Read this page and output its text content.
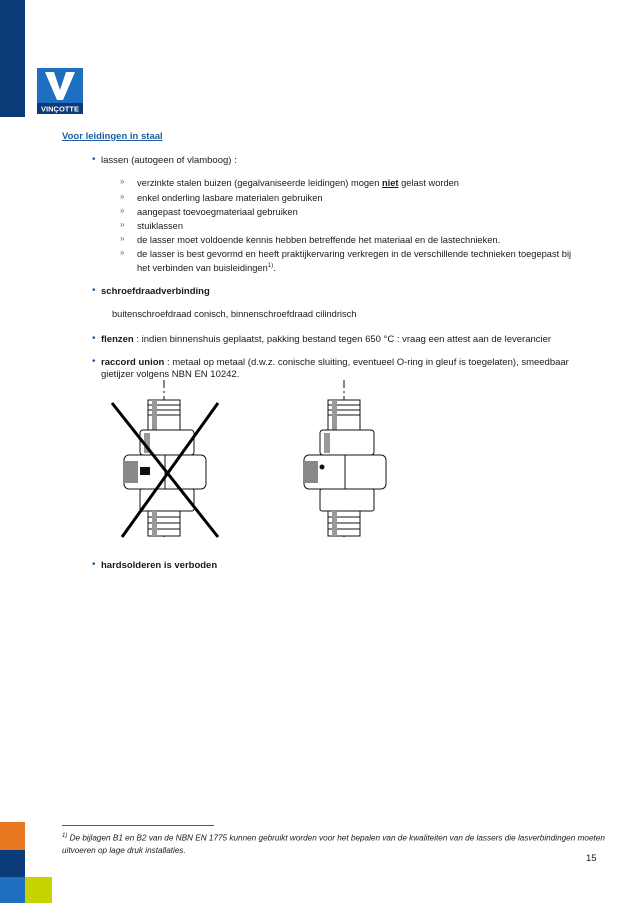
VINÇOTTE
Voor leidingen in staal
• lassen (autogeen of vlamboog) :
» verzinkte stalen buizen (gegalvaniseerde leidingen) mogen niet gelast worden
» enkel onderling lasbare materialen gebruiken
» aangepast toevoegmateriaal gebruiken
» stuiklassen
» de lasser moet voldoende kennis hebben betreffende het materiaal en de lastechnieken.
» de lasser is best gevormd en heeft praktijkervaring verkregen in de verschillende technieken toegepast bij
het verbinden van buisleidingen$^{1)}$.
• schroefdraadverbinding
buitenschroefdraad conisch, binnenschroefdraad cilindrisch
• flenzen : indien binnenshuis geplaatst, pakking bestand tegen 650 °C : vraag een attest aan de leverancier
• raccord union : metaal op metaal (d.w.z. conische sluiting, eventueel O-ring in gleuf is toegelaten), smeedbaar
gietijzer volgens NBN EN 10242.
• hardsolderen is verboden
$^{1)}$ De bijlagen B1 en B2 van de NBN EN 1775 kunnen gebruikt worden voor het bepalen van de kwaliteiten van de lassers die lasverbindingen moeten uitvoeren op lage druk installaties.
15
